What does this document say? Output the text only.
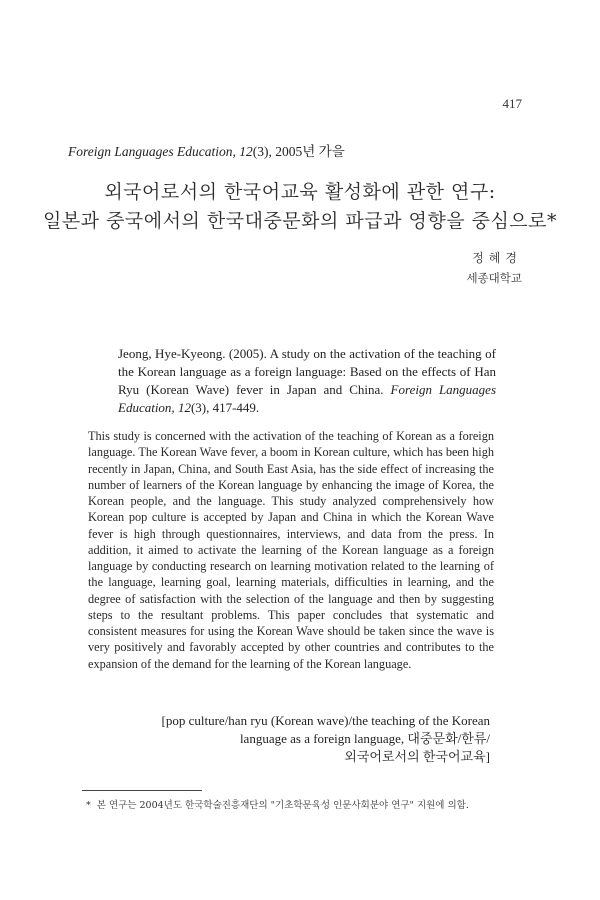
417
Foreign Languages Education, 12(3), 2005년 가을
외국어로서의 한국어교육 활성화에 관한 연구:
일본과 중국에서의 한국대중문화의 파급과 영향을 중심으로*
정혜경
세종대학교
Jeong, Hye-Kyeong. (2005). A study on the activation of the teaching of the Korean language as a foreign language: Based on the effects of Han Ryu (Korean Wave) fever in Japan and China. Foreign Languages Education, 12(3), 417-449.
This study is concerned with the activation of the teaching of Korean as a foreign language. The Korean Wave fever, a boom in Korean culture, which has been high recently in Japan, China, and South East Asia, has the side effect of increasing the number of learners of the Korean language by enhancing the image of Korea, the Korean people, and the language. This study analyzed comprehensively how Korean pop culture is accepted by Japan and China in which the Korean Wave fever is high through questionnaires, interviews, and data from the press. In addition, it aimed to activate the learning of the Korean language as a foreign language by conducting research on learning motivation related to the learning of the language, learning goal, learning materials, difficulties in learning, and the degree of satisfaction with the selection of the language and then by suggesting steps to the resultant problems. This paper concludes that systematic and consistent measures for using the Korean Wave should be taken since the wave is very positively and favorably accepted by other countries and contributes to the expansion of the demand for the learning of the Korean language.
[pop culture/han ryu (Korean wave)/the teaching of the Korean
language as a foreign language, 대중문화/한류/
외국어로서의 한국어교육]
* 본 연구는 2004년도 한국학술진흥재단의 "기초학문육성 인문사회분야 연구" 지원에 의함.
